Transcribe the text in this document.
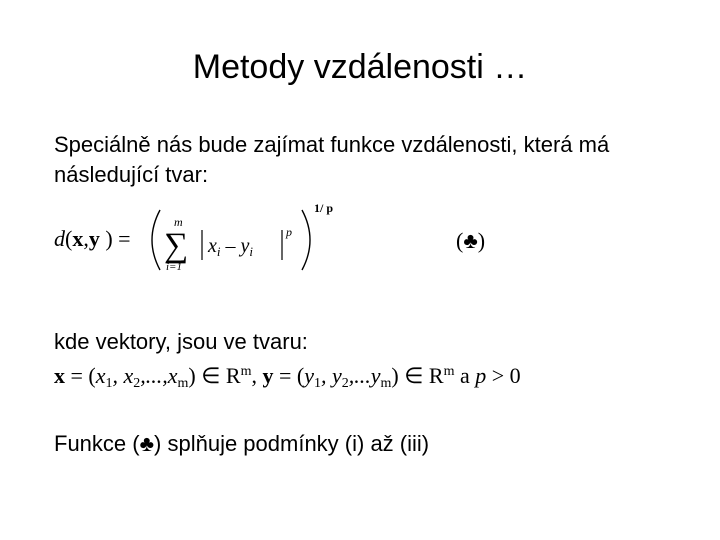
Metody vzdálenosti …
Speciálně nás bude zajímat funkce vzdálenosti, která má následující tvar:
d(x,y ) =
m
∑
i=1
$x_i - y_i$
p
1/ p
(♣)
kde vektory, jsou ve tvaru:
$x = (x_1$, $x_2,...,x_m$) ∈ $R^m$, $y = (y_1$, $y_2,...y_m$) ∈ $R^m$ a p > 0
Funkce (♣) splňuje podmínky (i) až (iii)
